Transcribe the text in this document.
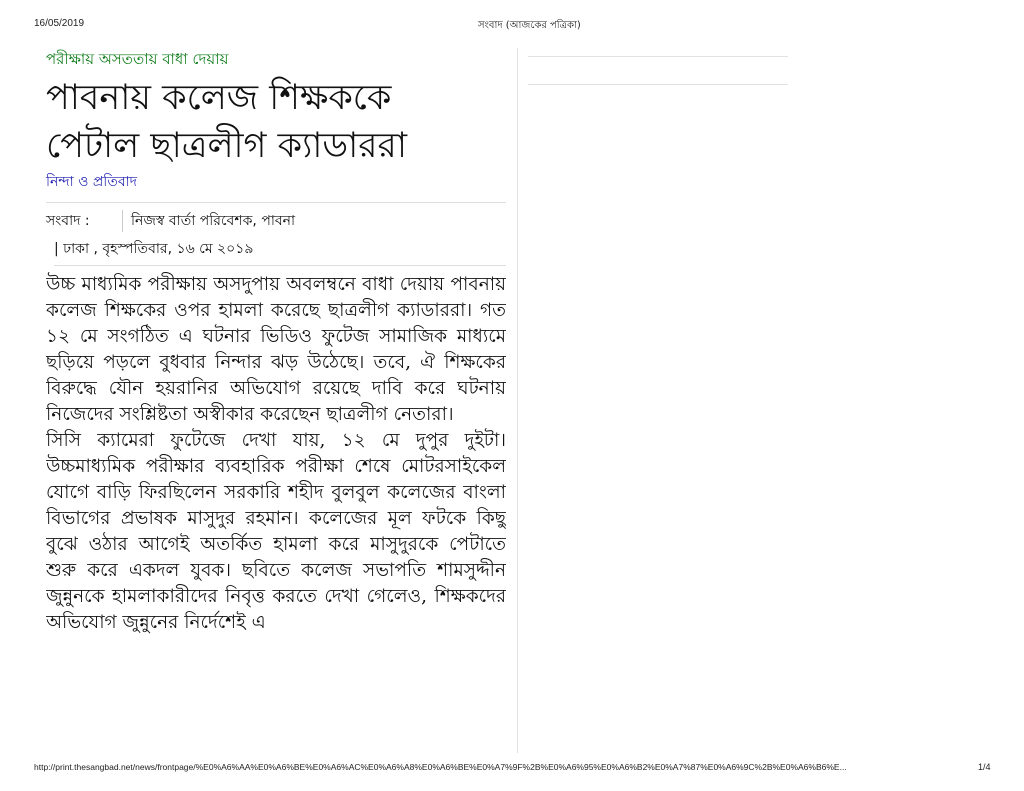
16/05/2019	সংবাদ (আজকের পত্রিকা)

পরীক্ষায় অসততায় বাধা দেয়ায়

পাবনায় কলেজ শিক্ষককে
পেটাল ছাত্রলীগ ক্যাডাররা

নিন্দা ও প্রতিবাদ

সংবাদ :	নিজস্ব বার্তা পরিবেশক, পাবনা
| ঢাকা , বৃহস্পতিবার, ১৬ মে ২০১৯

উচ্চ মাধ্যমিক পরীক্ষায় অসদুপায় অবলম্বনে বাধা দেয়ায় পাবনায় কলেজ শিক্ষকের ওপর হামলা করেছে ছাত্রলীগ ক্যাডাররা। গত ১২ মে সংগঠিত এ ঘটনার ভিডিও ফুটেজ সামাজিক মাধ্যমে ছড়িয়ে পড়লে বুধবার নিন্দার ঝড় উঠেছে। তবে, ঐ শিক্ষকের বিরুদ্ধে যৌন হয়রানির অভিযোগ রয়েছে দাবি করে ঘটনায় নিজেদের সংশ্লিষ্টতা অস্বীকার করেছেন ছাত্রলীগ নেতারা।

সিসি ক্যামেরা ফুটেজে দেখা যায়, ১২ মে দুপুর দুইটা। উচ্চমাধ্যমিক পরীক্ষার ব্যবহারিক পরীক্ষা শেষে মোটরসাইকেল যোগে বাড়ি ফিরছিলেন সরকারি শহীদ বুলবুল কলেজের বাংলা বিভাগের প্রভাষক মাসুদুর রহমান। কলেজের মূল ফটকে কিছু বুঝে ওঠার আগেই অতর্কিত হামলা করে মাসুদুরকে পেটাতে শুরু করে একদল যুবক। ছবিতে কলেজ সভাপতি শামসুদ্দীন জুন্নুনকে হামলাকারীদের নিবৃত্ত করতে দেখা গেলেও, শিক্ষকদের অভিযোগ জুন্নুনের নির্দেশেই এ

http://print.thesangbad.net/news/frontpage/%E0%A6%AA%E0%A6%BE%E0%A6%AC%E0%A6%A8%E0%A6%BE%E0%A7%9F%2B%E0%A6%95%E0%A6%B2%E0%A7%87%E0%A6%9C%2B%E0%A6%B6%E...	1/4
